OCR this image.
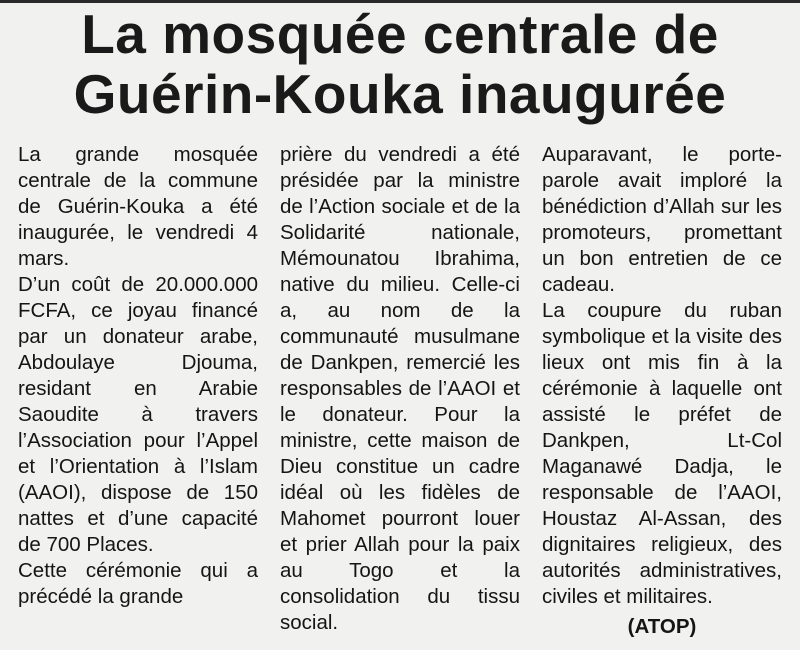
La mosquée centrale de
Guérin-Kouka inaugurée

La grande mosquée centrale de la commune de Guérin-Kouka a été inaugurée, le vendredi 4 mars.

D’un coût de 20.000.000 FCFA, ce joyau financé par un donateur arabe, Abdoulaye Djouma, residant en Arabie Saoudite à travers l’Association pour l’Appel et l’Orientation à l’Islam (AAOI), dispose de 150 nattes et d’une capacité de 700 Places.

Cette cérémonie qui a précédé la grande

prière du vendredi a été présidée par la ministre de l’Action sociale et de la Solidarité nationale, Mémounatou Ibrahima, native du milieu. Celle-ci a, au nom de la communauté musulmane de Dankpen, remercié les responsables de l’AAOI et le donateur. Pour la ministre, cette maison de Dieu constitue un cadre idéal où les fidèles de Mahomet pourront louer et prier Allah pour la paix au Togo et la consolidation du tissu social.

Auparavant, le porte-parole avait imploré la bénédiction d’Allah sur les promoteurs, promettant un bon entretien de ce cadeau.

La coupure du ruban symbolique et la visite des lieux ont mis fin à la cérémonie à laquelle ont assisté le préfet de Dankpen, Lt-Col Maganawé Dadja, le responsable de l’AAOI, Houstaz Al-Assan, des dignitaires religieux, des autorités administratives, civiles et militaires.

(ATOP)
